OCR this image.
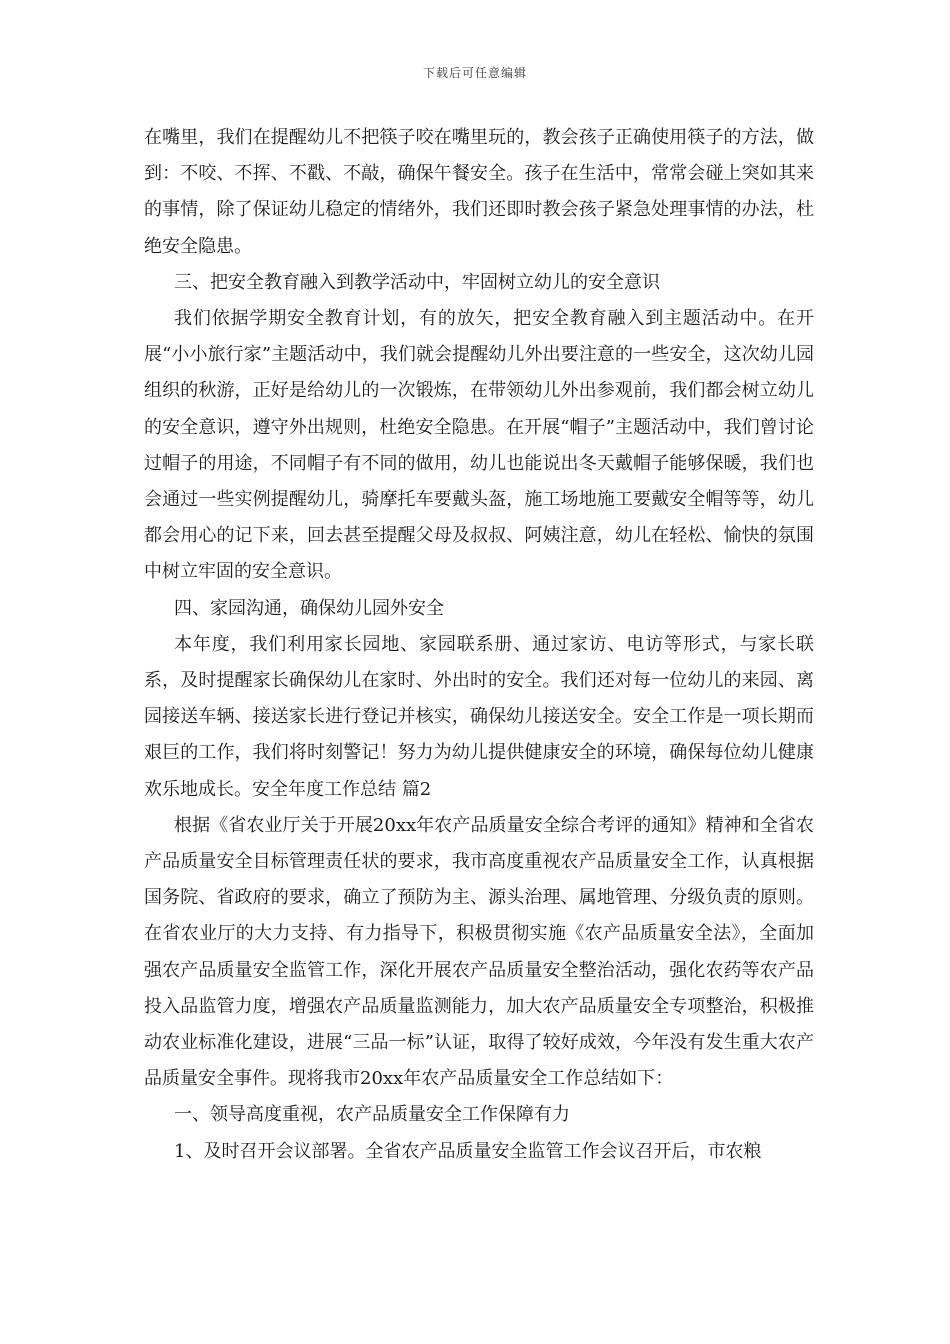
下载后可任意编辑

在嘴里，我们在提醒幼儿不把筷子咬在嘴里玩的，教会孩子正确使用筷子的方法，做到：不咬、不挥、不戳、不敲，确保午餐安全。孩子在生活中，常常会碰上突如其来的事情，除了保证幼儿稳定的情绪外，我们还即时教会孩子紧急处理事情的办法，杜绝安全隐患。

三、把安全教育融入到教学活动中，牢固树立幼儿的安全意识

我们依据学期安全教育计划，有的放矢，把安全教育融入到主题活动中。在开展“小小旅行家”主题活动中，我们就会提醒幼儿外出要注意的一些安全，这次幼儿园组织的秋游，正好是给幼儿的一次锻炼，在带领幼儿外出参观前，我们都会树立幼儿的安全意识，遵守外出规则，杜绝安全隐患。在开展“帽子”主题活动中，我们曾讨论过帽子的用途，不同帽子有不同的做用，幼儿也能说出冬天戴帽子能够保暖，我们也会通过一些实例提醒幼儿，骑摩托车要戴头盔，施工场地施工要戴安全帽等等，幼儿都会用心的记下来，回去甚至提醒父母及叔叔、阿姨注意，幼儿在轻松、愉快的氛围中树立牢固的安全意识。

四、家园沟通，确保幼儿园外安全

本年度，我们利用家长园地、家园联系册、通过家访、电访等形式，与家长联系，及时提醒家长确保幼儿在家时、外出时的安全。我们还对每一位幼儿的来园、离园接送车辆、接送家长进行登记并核实，确保幼儿接送安全。安全工作是一项长期而艰巨的工作，我们将时刻警记！努力为幼儿提供健康安全的环境，确保每位幼儿健康欢乐地成长。安全年度工作总结 篇2

根据《省农业厅关于开展20xx年农产品质量安全综合考评的通知》精神和全省农产品质量安全目标管理责任状的要求，我市高度重视农产品质量安全工作，认真根据国务院、省政府的要求，确立了预防为主、源头治理、属地管理、分级负责的原则。在省农业厅的大力支持、有力指导下，积极贯彻实施《农产品质量安全法》，全面加强农产品质量安全监管工作，深化开展农产品质量安全整治活动，强化农药等农产品投入品监管力度，增强农产品质量监测能力，加大农产品质量安全专项整治，积极推动农业标准化建设，进展“三品一标”认证，取得了较好成效，今年没有发生重大农产品质量安全事件。现将我市20xx年农产品质量安全工作总结如下：

一、领导高度重视，农产品质量安全工作保障有力

1、及时召开会议部署。全省农产品质量安全监管工作会议召开后，市农粮
